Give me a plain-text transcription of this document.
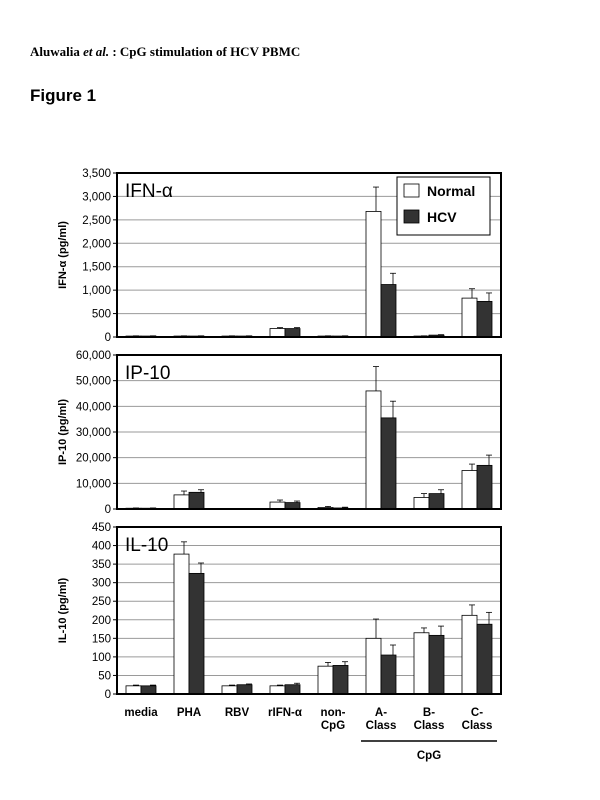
Aluwalia et al. : CpG stimulation of HCV PBMC
Figure 1
0
500
1,000
1,500
2,000
2,500
3,000
3,500
IFN-α (pg/ml)
IFN-α
0
10,000
20,000
30,000
40,000
50,000
60,000
IP-10 (pg/ml)
IP-10
0
50
100
150
200
250
300
350
400
450
IL-10 (pg/ml)
IL-10
Normal
HCV
media PHA RBV rIFN-α non-
CpG
A-
Class
B-
Class
C-
Class
CpG
